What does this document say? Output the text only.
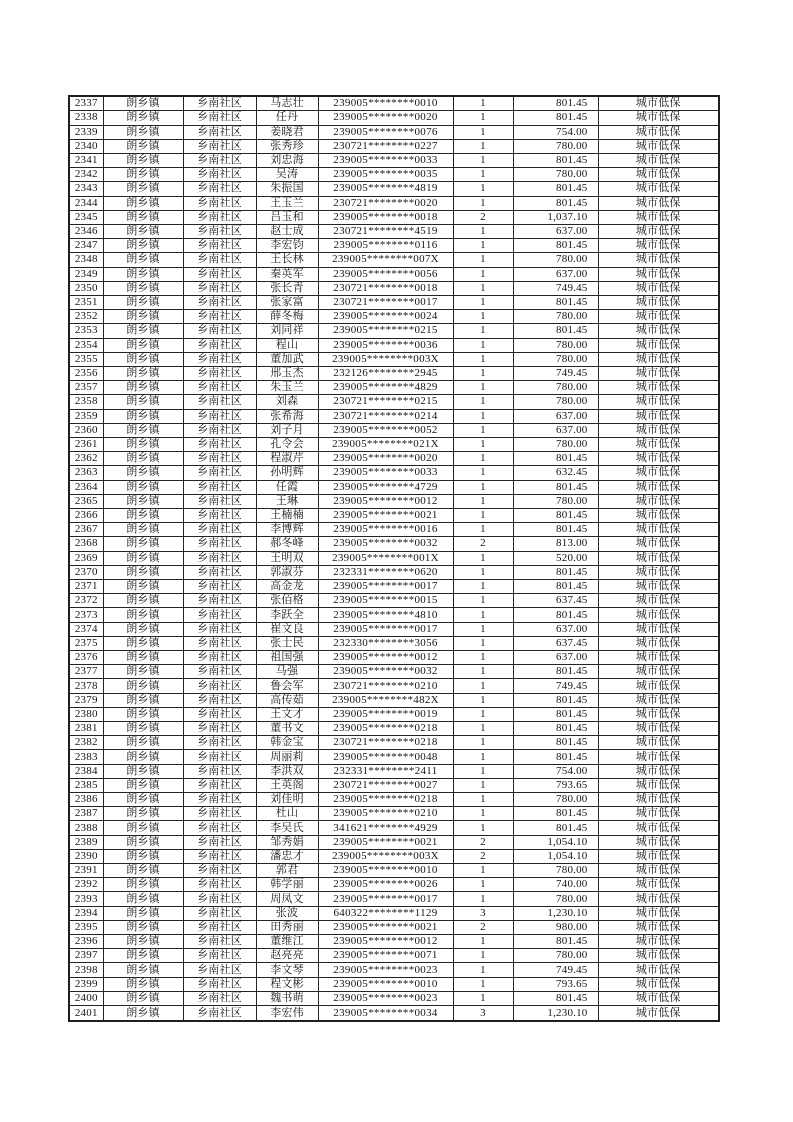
2337	朗乡镇	乡南社区	马志壮	239005********0010	1	801.45	城市低保
2338	朗乡镇	乡南社区	任丹	239005********0020	1	801.45	城市低保
2339	朗乡镇	乡南社区	姜晓君	239005********0076	1	754.00	城市低保
2340	朗乡镇	乡南社区	张秀珍	230721********0227	1	780.00	城市低保
2341	朗乡镇	乡南社区	刘忠海	239005********0033	1	801.45	城市低保
2342	朗乡镇	乡南社区	吴涛	239005********0035	1	780.00	城市低保
2343	朗乡镇	乡南社区	朱振国	239005********4819	1	801.45	城市低保
2344	朗乡镇	乡南社区	王玉兰	230721********0020	1	801.45	城市低保
2345	朗乡镇	乡南社区	吕玉和	239005********0018	2	1,037.10	城市低保
2346	朗乡镇	乡南社区	赵士成	230721********4519	1	637.00	城市低保
2347	朗乡镇	乡南社区	李宏钧	239005********0116	1	801.45	城市低保
2348	朗乡镇	乡南社区	王长林	239005********007X	1	780.00	城市低保
2349	朗乡镇	乡南社区	秦英军	239005********0056	1	637.00	城市低保
2350	朗乡镇	乡南社区	张长青	230721********0018	1	749.45	城市低保
2351	朗乡镇	乡南社区	张家富	230721********0017	1	801.45	城市低保
2352	朗乡镇	乡南社区	薛冬梅	239005********0024	1	780.00	城市低保
2353	朗乡镇	乡南社区	刘同祥	239005********0215	1	801.45	城市低保
2354	朗乡镇	乡南社区	程山	239005********0036	1	780.00	城市低保
2355	朗乡镇	乡南社区	董加武	239005********003X	1	780.00	城市低保
2356	朗乡镇	乡南社区	邢玉杰	232126********2945	1	749.45	城市低保
2357	朗乡镇	乡南社区	朱玉兰	239005********4829	1	780.00	城市低保
2358	朗乡镇	乡南社区	刘森	230721********0215	1	780.00	城市低保
2359	朗乡镇	乡南社区	张希海	230721********0214	1	637.00	城市低保
2360	朗乡镇	乡南社区	刘子月	239005********0052	1	637.00	城市低保
2361	朗乡镇	乡南社区	孔令会	239005********021X	1	780.00	城市低保
2362	朗乡镇	乡南社区	程淑芹	239005********0020	1	801.45	城市低保
2363	朗乡镇	乡南社区	孙明辉	239005********0033	1	632.45	城市低保
2364	朗乡镇	乡南社区	任霞	239005********4729	1	801.45	城市低保
2365	朗乡镇	乡南社区	王琳	239005********0012	1	780.00	城市低保
2366	朗乡镇	乡南社区	王楠楠	239005********0021	1	801.45	城市低保
2367	朗乡镇	乡南社区	李博辉	239005********0016	1	801.45	城市低保
2368	朗乡镇	乡南社区	郝冬峰	239005********0032	2	813.00	城市低保
2369	朗乡镇	乡南社区	王明双	239005********001X	1	520.00	城市低保
2370	朗乡镇	乡南社区	郭淑芬	232331********0620	1	801.45	城市低保
2371	朗乡镇	乡南社区	高金龙	239005********0017	1	801.45	城市低保
2372	朗乡镇	乡南社区	张佰格	239005********0015	1	637.45	城市低保
2373	朗乡镇	乡南社区	李跃全	239005********4810	1	801.45	城市低保
2374	朗乡镇	乡南社区	崔文良	239005********0017	1	637.00	城市低保
2375	朗乡镇	乡南社区	张士民	232330********3056	1	637.45	城市低保
2376	朗乡镇	乡南社区	祖国强	239005********0012	1	637.00	城市低保
2377	朗乡镇	乡南社区	马强	239005********0032	1	801.45	城市低保
2378	朗乡镇	乡南社区	鲁会军	230721********0210	1	749.45	城市低保
2379	朗乡镇	乡南社区	高传茹	239005********482X	1	801.45	城市低保
2380	朗乡镇	乡南社区	王文才	239005********0019	1	801.45	城市低保
2381	朗乡镇	乡南社区	董书文	239005********0218	1	801.45	城市低保
2382	朗乡镇	乡南社区	韩金宝	230721********0218	1	801.45	城市低保
2383	朗乡镇	乡南社区	周丽莉	239005********0048	1	801.45	城市低保
2384	朗乡镇	乡南社区	李洪双	232331********2411	1	754.00	城市低保
2385	朗乡镇	乡南社区	王英阁	230721********0027	1	793.65	城市低保
2386	朗乡镇	乡南社区	刘佳明	239005********0218	1	780.00	城市低保
2387	朗乡镇	乡南社区	杜山	239005********0210	1	801.45	城市低保
2388	朗乡镇	乡南社区	李吴氏	341621********4929	1	801.45	城市低保
2389	朗乡镇	乡南社区	邹秀娟	239005********0021	2	1,054.10	城市低保
2390	朗乡镇	乡南社区	潘忠才	239005********003X	2	1,054.10	城市低保
2391	朗乡镇	乡南社区	郭君	239005********0010	1	780.00	城市低保
2392	朗乡镇	乡南社区	韩学丽	239005********0026	1	740.00	城市低保
2393	朗乡镇	乡南社区	周凤文	239005********0017	1	780.00	城市低保
2394	朗乡镇	乡南社区	张波	640322********1129	3	1,230.10	城市低保
2395	朗乡镇	乡南社区	田秀丽	239005********0021	2	980.00	城市低保
2396	朗乡镇	乡南社区	董维江	239005********0012	1	801.45	城市低保
2397	朗乡镇	乡南社区	赵亮亮	239005********0071	1	780.00	城市低保
2398	朗乡镇	乡南社区	李文琴	239005********0023	1	749.45	城市低保
2399	朗乡镇	乡南社区	程文彬	239005********0010	1	793.65	城市低保
2400	朗乡镇	乡南社区	魏书萌	239005********0023	1	801.45	城市低保
2401	朗乡镇	乡南社区	李宏伟	239005********0034	3	1,230.10	城市低保
